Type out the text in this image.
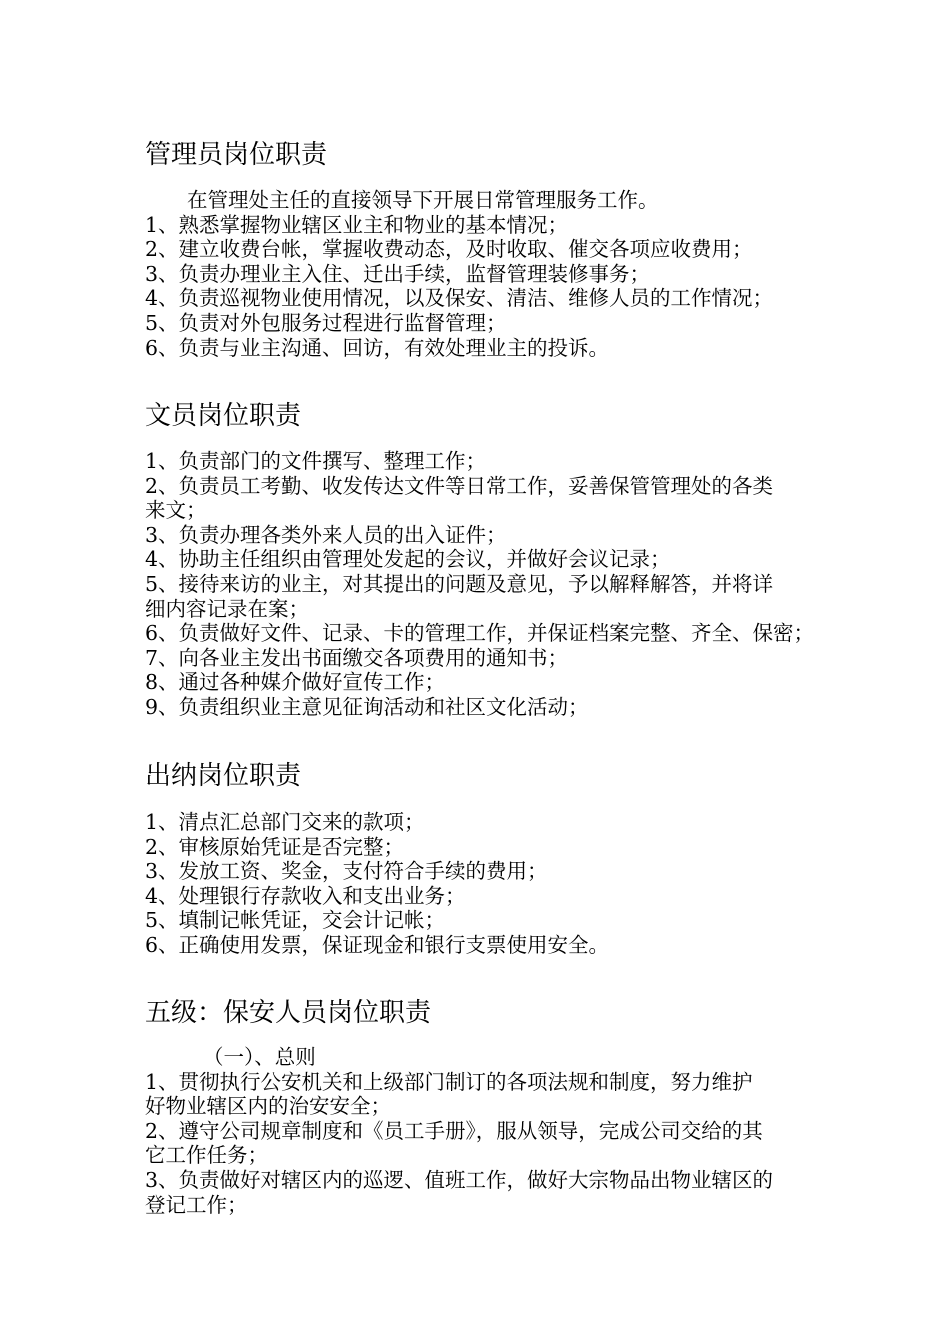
管理员岗位职责
在管理处主任的直接领导下开展日常管理服务工作。
1、熟悉掌握物业辖区业主和物业的基本情况；
2、建立收费台帐，掌握收费动态，及时收取、催交各项应收费用；
3、负责办理业主入住、迁出手续，监督管理装修事务；
4、负责巡视物业使用情况，以及保安、清洁、维修人员的工作情况；
5、负责对外包服务过程进行监督管理；
6、负责与业主沟通、回访，有效处理业主的投诉。
文员岗位职责
1、负责部门的文件撰写、整理工作；
2、负责员工考勤、收发传达文件等日常工作，妥善保管管理处的各类
来文；
3、负责办理各类外来人员的出入证件；
4、协助主任组织由管理处发起的会议，并做好会议记录；
5、接待来访的业主，对其提出的问题及意见，予以解释解答，并将详
细内容记录在案；
6、负责做好文件、记录、卡的管理工作，并保证档案完整、齐全、保密；
7、向各业主发出书面缴交各项费用的通知书；
8、通过各种媒介做好宣传工作；
9、负责组织业主意见征询活动和社区文化活动；
出纳岗位职责
1、清点汇总部门交来的款项；
2、审核原始凭证是否完整；
3、发放工资、奖金，支付符合手续的费用；
4、处理银行存款收入和支出业务；
5、填制记帐凭证，交会计记帐；
6、正确使用发票，保证现金和银行支票使用安全。
五级：保安人员岗位职责
（一）、总则
1、贯彻执行公安机关和上级部门制订的各项法规和制度，努力维护
好物业辖区内的治安安全；
2、遵守公司规章制度和《员工手册》，服从领导，完成公司交给的其
它工作任务；
3、负责做好对辖区内的巡逻、值班工作，做好大宗物品出物业辖区的
登记工作；
